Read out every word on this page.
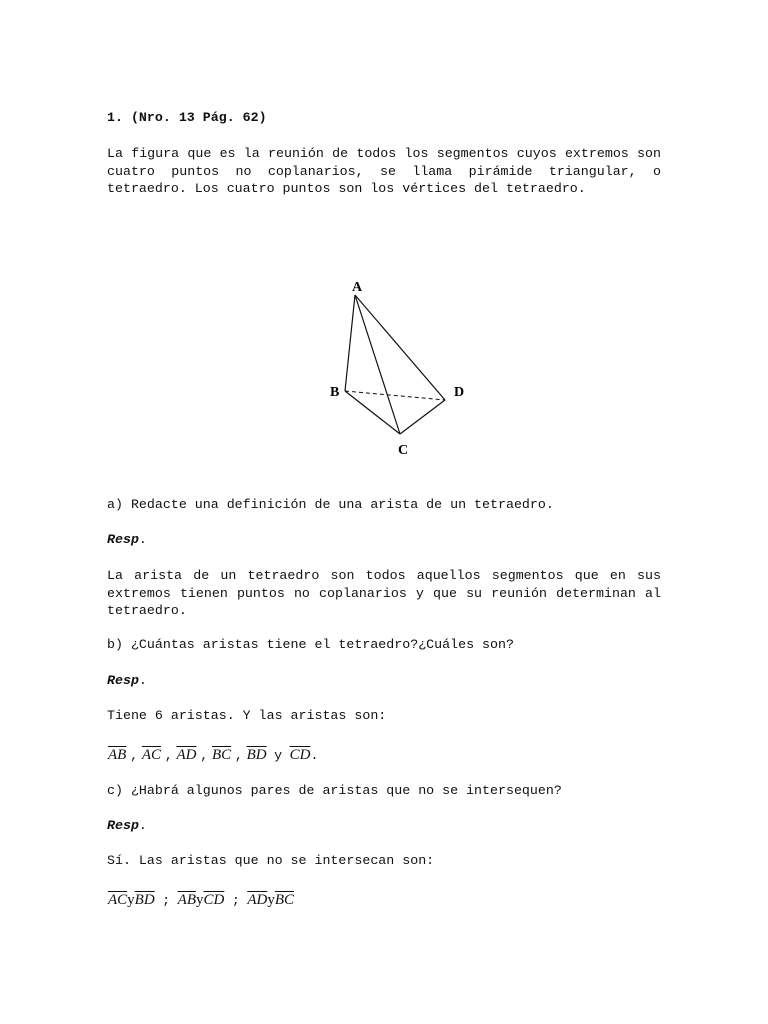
1. (Nro. 13 Pág. 62)
La figura que es la reunión de todos los segmentos cuyos extremos son cuatro puntos no coplanarios, se llama pirámide triangular, o tetraedro. Los cuatro puntos son los vértices del tetraedro.
A
B
C
D
a) Redacte una definición de una arista de un tetraedro.
Resp.
La arista de un tetraedro son todos aquellos segmentos que en sus extremos tienen puntos no coplanarios y que su reunión determinan al tetraedro.
b) ¿Cuántas aristas tiene el tetraedro?¿Cuáles son?
Resp.
Tiene 6 aristas. Y las aristas son:
$\overline{AB}$ , $\overline{AC}$ , $\overline{AD}$ , $\overline{BC}$ , $\overline{BD}$ y $\overline{CD}$.
c) ¿Habrá algunos pares de aristas que no se intersequen?
Resp.
Sí. Las aristas que no se intersecan son:
$\overline{AC}y\overline{BD}$ ; $\overline{AB}y\overline{CD}$ ; $\overline{AD}y\overline{BC}$
